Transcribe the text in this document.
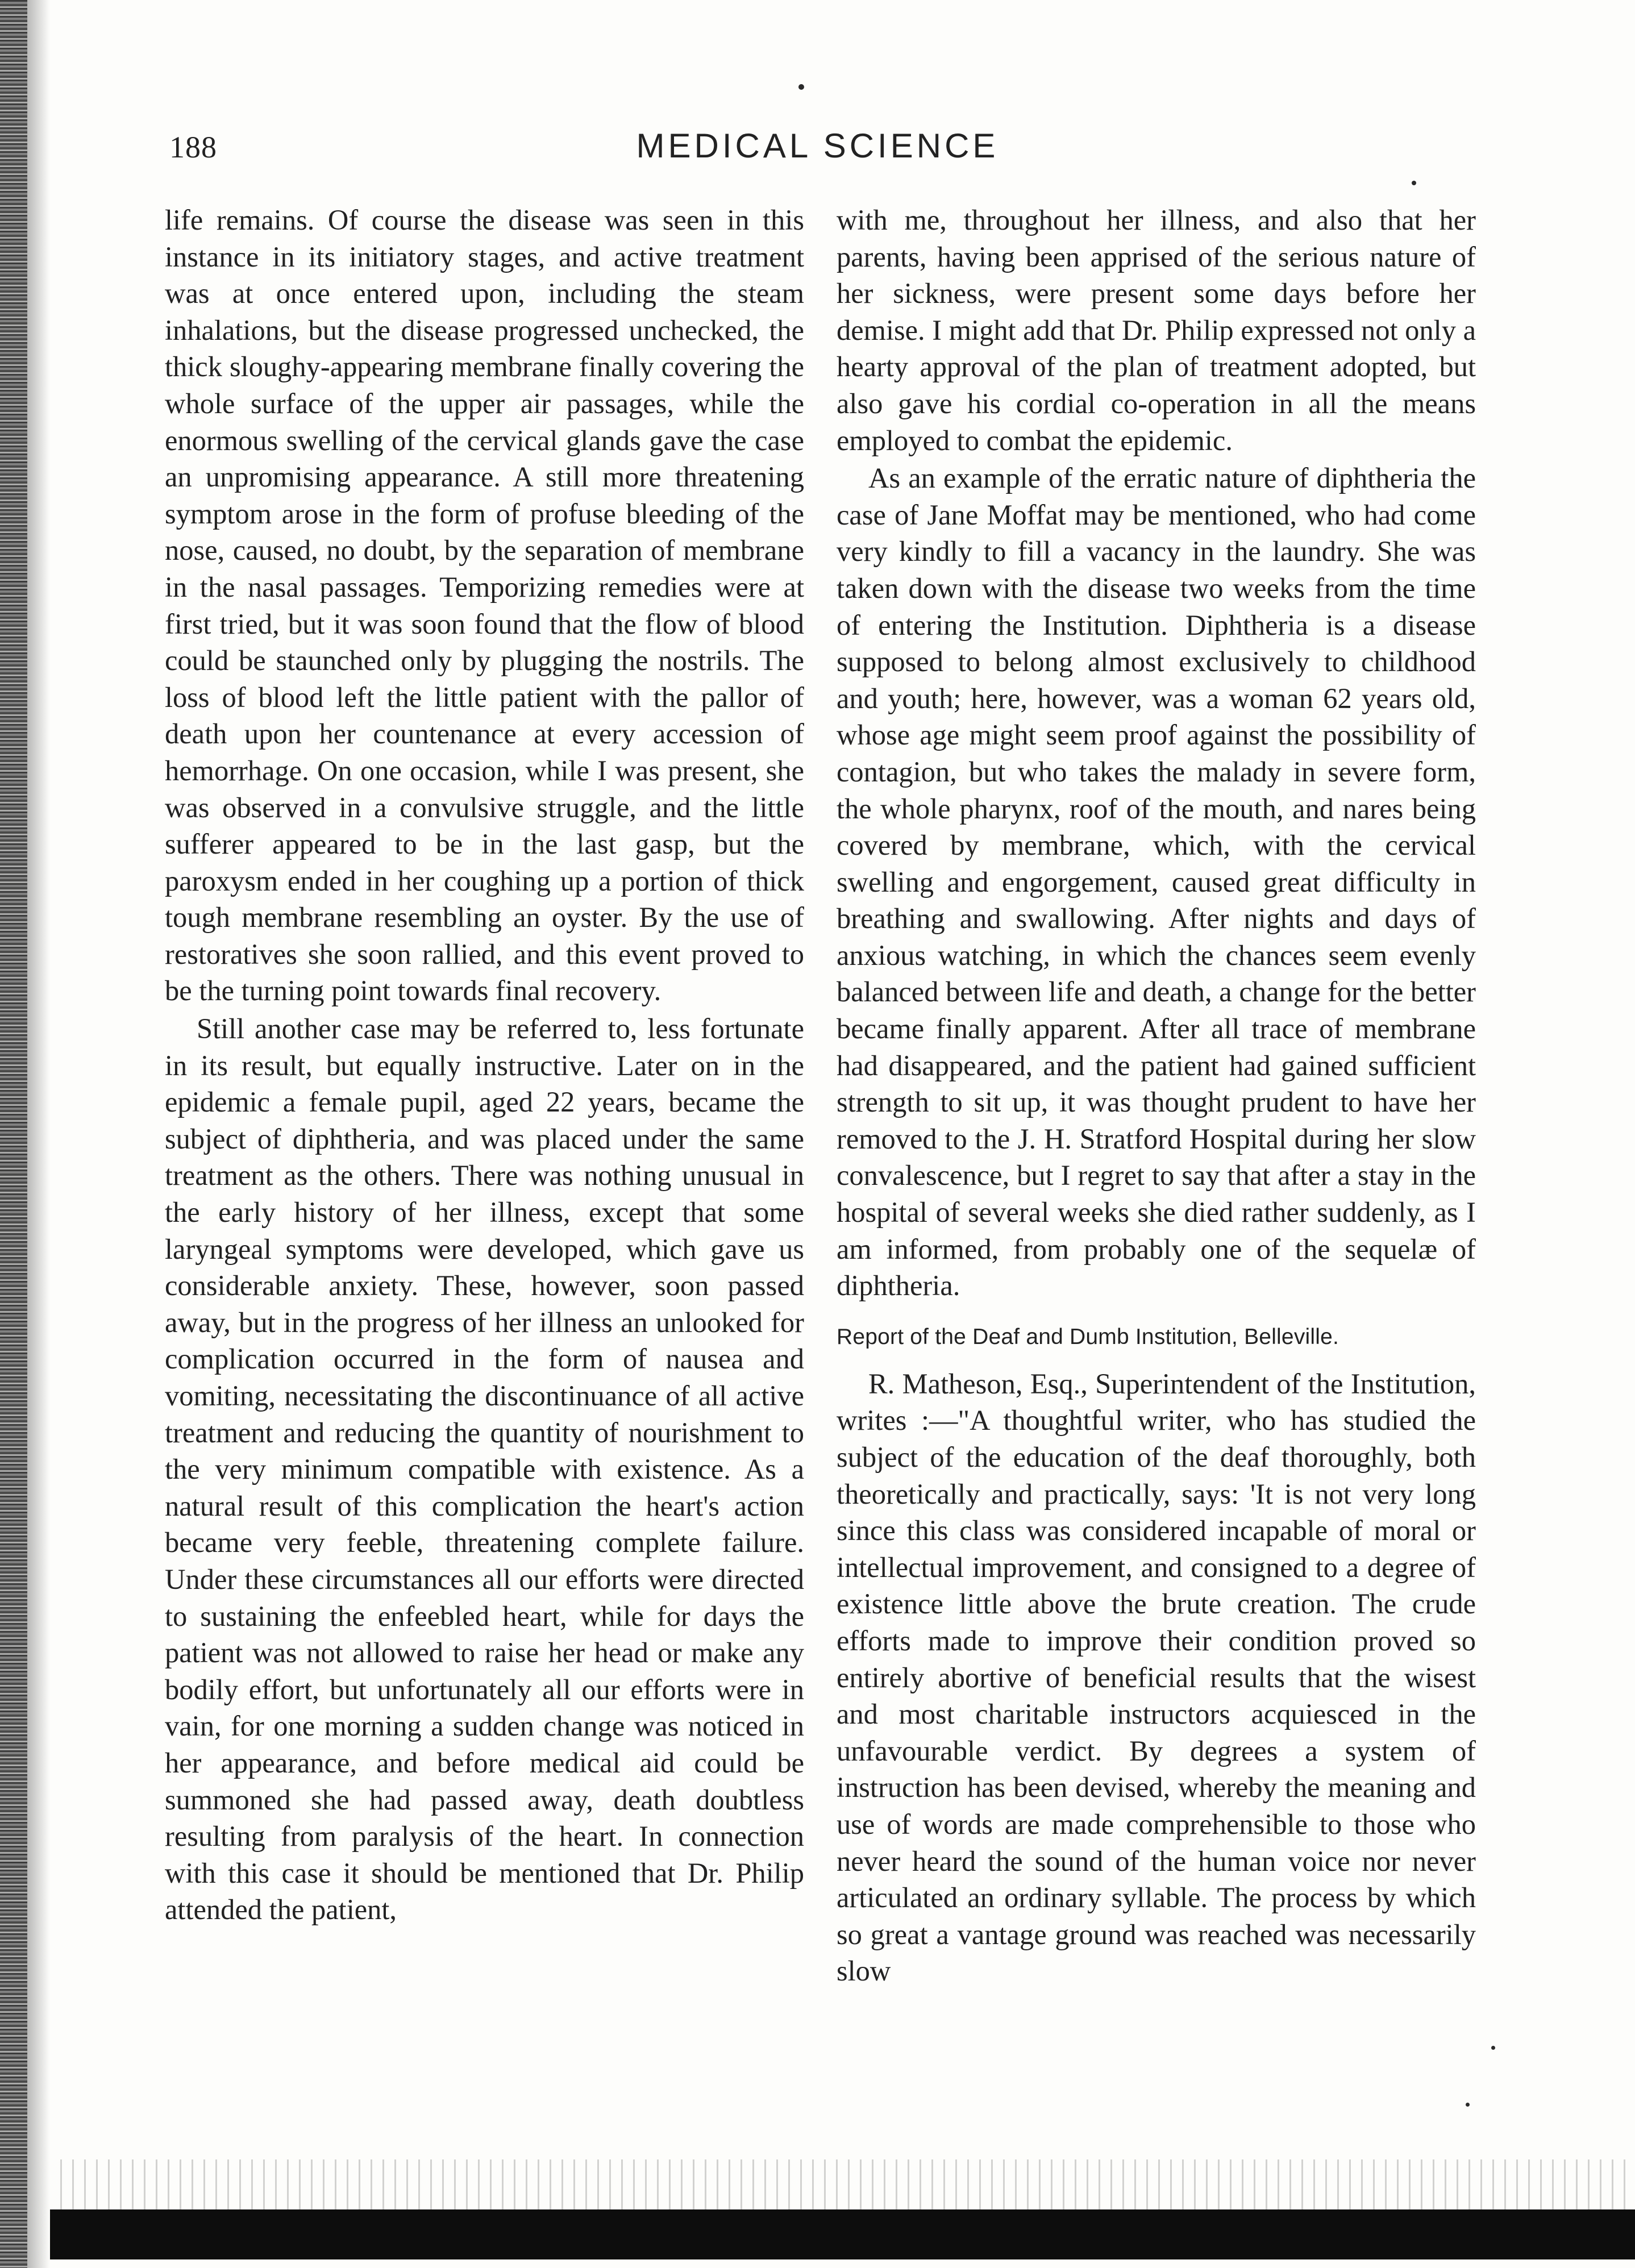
188	MEDICAL SCIENCE

life remains. Of course the disease was seen in this instance in its initiatory stages, and active treatment was at once entered upon, including the steam inhalations, but the disease progressed unchecked, the thick sloughy-appearing membrane finally covering the whole surface of the upper air passages, while the enormous swelling of the cervical glands gave the case an unpromising appearance. A still more threatening symptom arose in the form of profuse bleeding of the nose, caused, no doubt, by the separation of membrane in the nasal passages. Temporizing remedies were at first tried, but it was soon found that the flow of blood could be staunched only by plugging the nostrils. The loss of blood left the little patient with the pallor of death upon her countenance at every accession of hemorrhage. On one occasion, while I was present, she was observed in a convulsive struggle, and the little sufferer appeared to be in the last gasp, but the paroxysm ended in her coughing up a portion of thick tough membrane resembling an oyster. By the use of restoratives she soon rallied, and this event proved to be the turning point towards final recovery.

Still another case may be referred to, less fortunate in its result, but equally instructive. Later on in the epidemic a female pupil, aged 22 years, became the subject of diphtheria, and was placed under the same treatment as the others. There was nothing unusual in the early history of her illness, except that some laryngeal symptoms were developed, which gave us considerable anxiety. These, however, soon passed away, but in the progress of her illness an unlooked for complication occurred in the form of nausea and vomiting, necessitating the discontinuance of all active treatment and reducing the quantity of nourishment to the very minimum compatible with existence. As a natural result of this complication the heart's action became very feeble, threatening complete failure. Under these circumstances all our efforts were directed to sustaining the enfeebled heart, while for days the patient was not allowed to raise her head or make any bodily effort, but unfortunately all our efforts were in vain, for one morning a sudden change was noticed in her appearance, and before medical aid could be summoned she had passed away, death doubtless resulting from paralysis of the heart. In connection with this case it should be mentioned that Dr. Philip attended the patient,

with me, throughout her illness, and also that her parents, having been apprised of the serious nature of her sickness, were present some days before her demise. I might add that Dr. Philip expressed not only a hearty approval of the plan of treatment adopted, but also gave his cordial co-operation in all the means employed to combat the epidemic.

As an example of the erratic nature of diphtheria the case of Jane Moffat may be mentioned, who had come very kindly to fill a vacancy in the laundry. She was taken down with the disease two weeks from the time of entering the Institution. Diphtheria is a disease supposed to belong almost exclusively to childhood and youth; here, however, was a woman 62 years old, whose age might seem proof against the possibility of contagion, but who takes the malady in severe form, the whole pharynx, roof of the mouth, and nares being covered by membrane, which, with the cervical swelling and engorgement, caused great difficulty in breathing and swallowing. After nights and days of anxious watching, in which the chances seem evenly balanced between life and death, a change for the better became finally apparent. After all trace of membrane had disappeared, and the patient had gained sufficient strength to sit up, it was thought prudent to have her removed to the J. H. Stratford Hospital during her slow convalescence, but I regret to say that after a stay in the hospital of several weeks she died rather suddenly, as I am informed, from probably one of the sequelæ of diphtheria.

Report of the Deaf and Dumb Institution, Belleville.

R. Matheson, Esq., Superintendent of the Institution, writes :—"A thoughtful writer, who has studied the subject of the education of the deaf thoroughly, both theoretically and practically, says: 'It is not very long since this class was considered incapable of moral or intellectual improvement, and consigned to a degree of existence little above the brute creation. The crude efforts made to improve their condition proved so entirely abortive of beneficial results that the wisest and most charitable instructors acquiesced in the unfavourable verdict. By degrees a system of instruction has been devised, whereby the meaning and use of words are made comprehensible to those who never heard the sound of the human voice nor never articulated an ordinary syllable. The process by which so great a vantage ground was reached was necessarily slow
